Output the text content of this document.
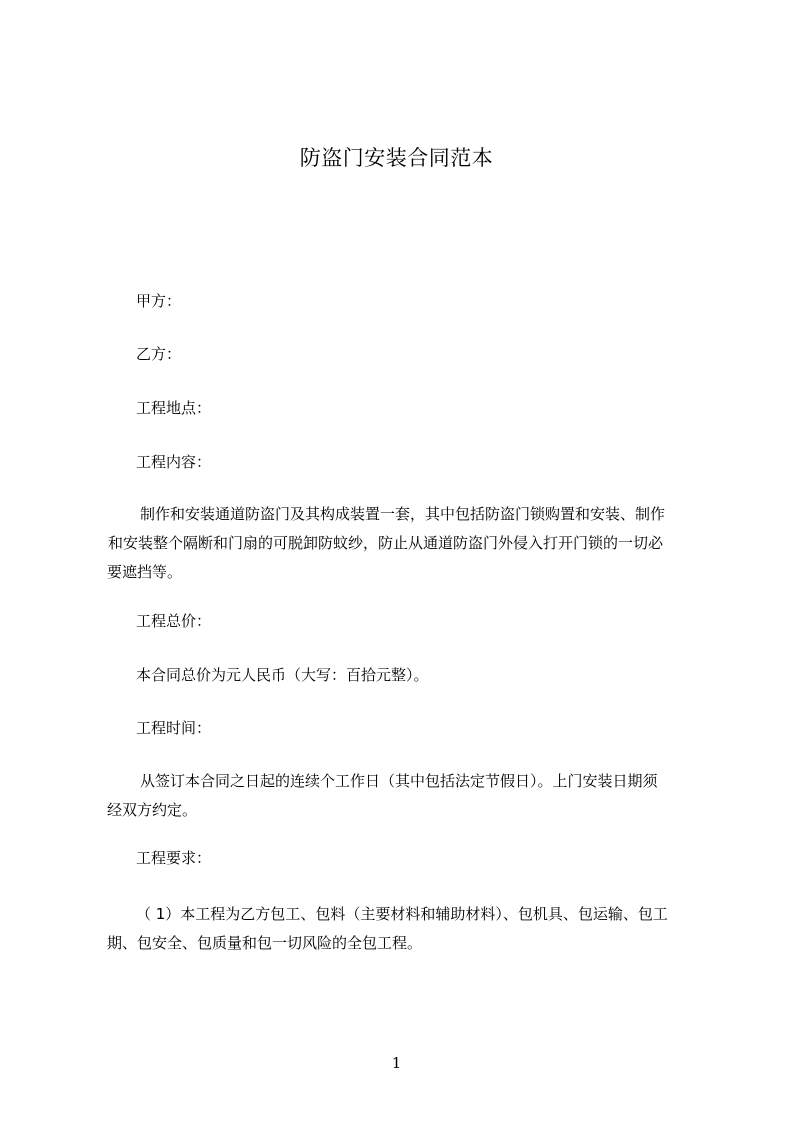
防盗门安装合同范本
甲方：
乙方：
工程地点：
工程内容：
制作和安装通道防盗门及其构成装置一套，其中包括防盗门锁购置和安装、制作
和安装整个隔断和门扇的可脱卸防蚊纱，防止从通道防盗门外侵入打开门锁的一切必
要遮挡等。
工程总价：
本合同总价为元人民币（大写：百拾元整）。
工程时间：
从签订本合同之日起的连续个工作日（其中包括法定节假日）。上门安装日期须
经双方约定。
工程要求：
（ 1）本工程为乙方包工、包料（主要材料和辅助材料）、包机具、包运输、包工
期、包安全、包质量和包一切风险的全包工程。
1
